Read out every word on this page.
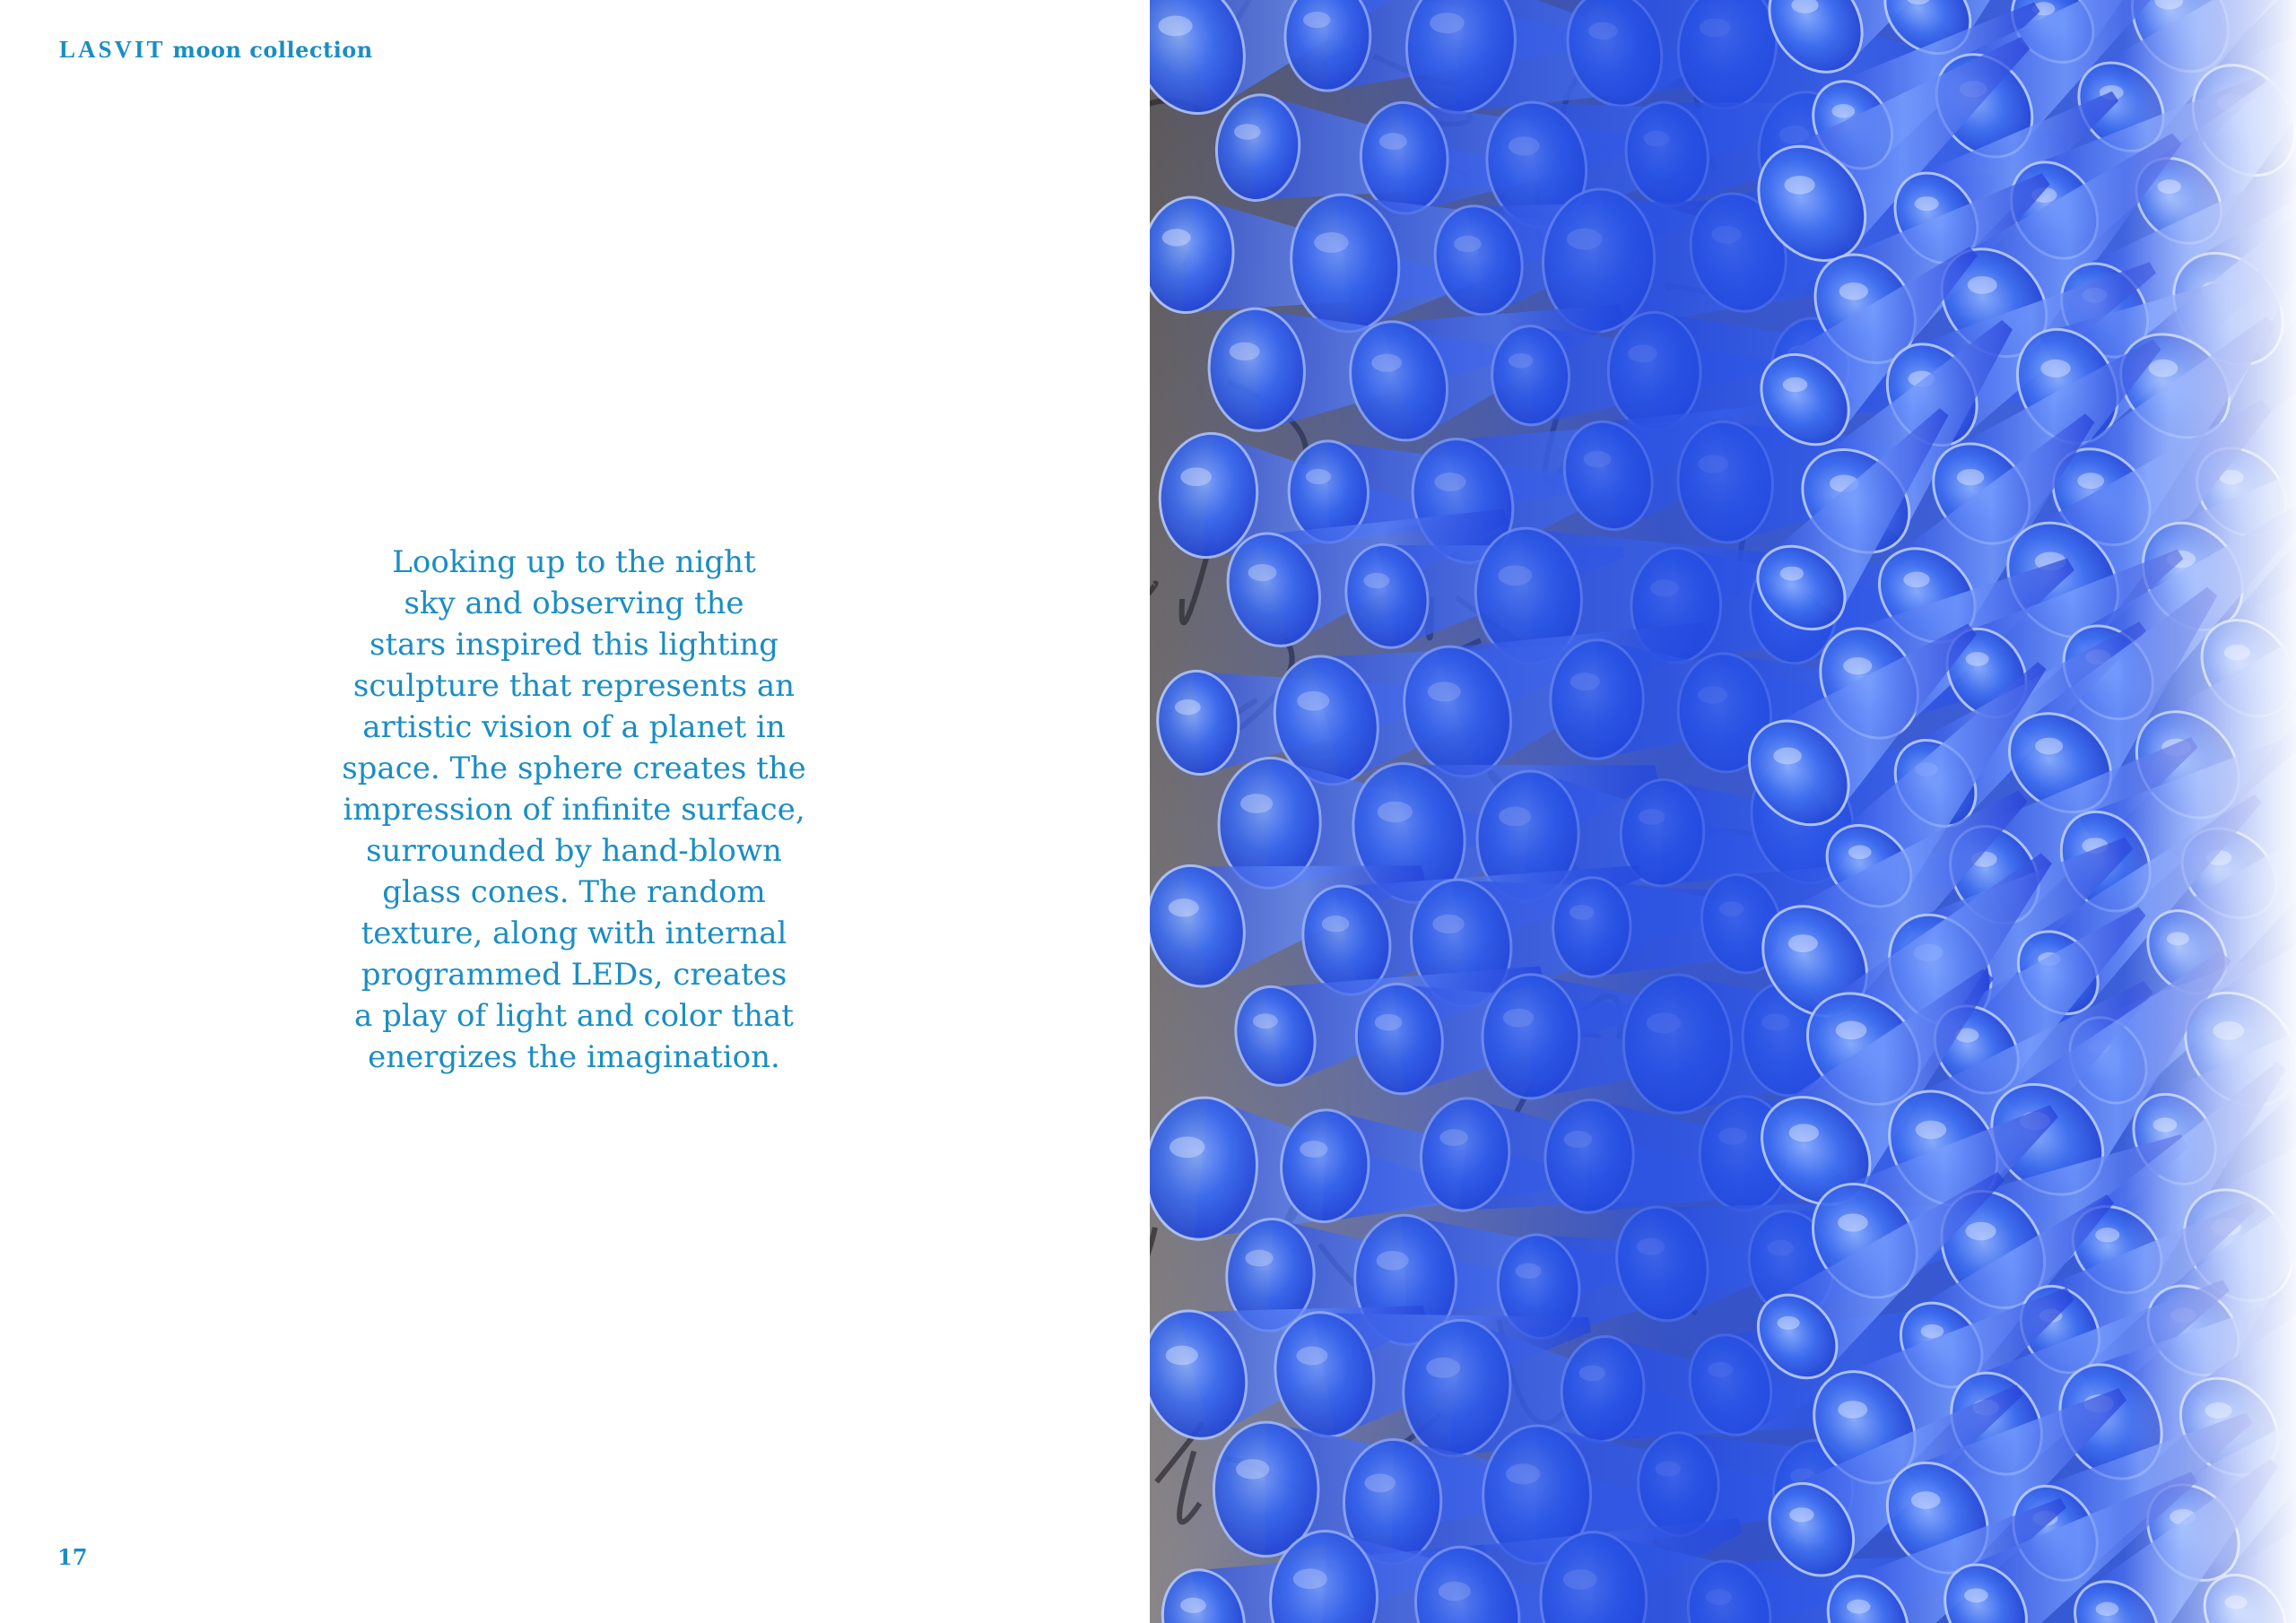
LASVIT moon collection
Looking up to the night
sky and observing the
stars inspired this lighting
sculpture that represents an
artistic vision of a planet in
space. The sphere creates the
impression of infinite surface,
surrounded by hand-blown
glass cones. The random
texture, along with internal
programmed LEDs, creates
a play of light and color that
energizes the imagination.
17
